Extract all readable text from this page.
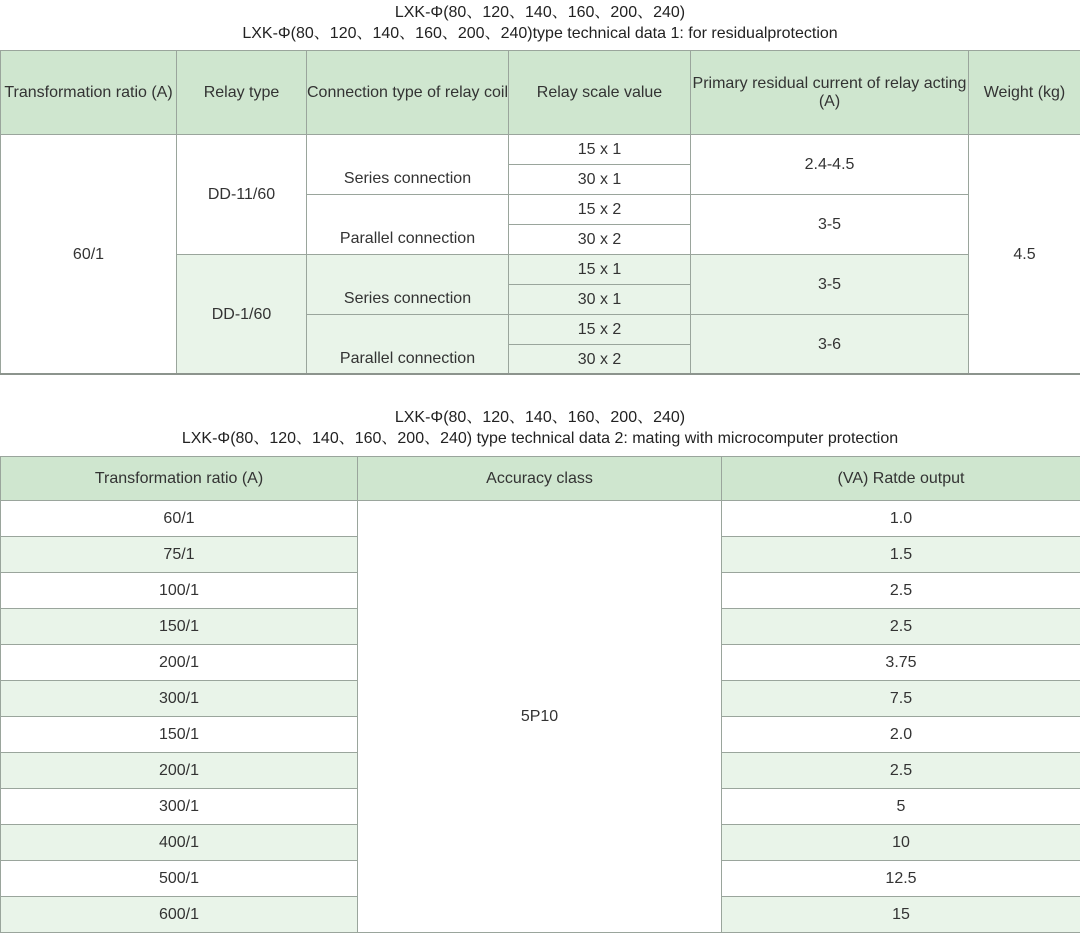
LXK-Φ(80、120、140、160、200、240)
LXK-Φ(80、120、140、160、200、240)type technical data 1: for residualprotection
Transformation ratio (A)	Relay type	Connection type of relay coil	Relay scale value	Primary residual current of relay acting (A)	Weight (kg)
60/1	DD-11/60	Series connection	15 x 1	2.4-4.5	4.5
			30 x 1		
		Parallel connection	15 x 2	3-5	
			30 x 2		
	DD-1/60	Series connection	15 x 1	3-5	
			30 x 1		
		Parallel connection	15 x 2	3-6	
			30 x 2		
LXK-Φ(80、120、140、160、200、240)
LXK-Φ(80、120、140、160、200、240) type technical data 2: mating with microcomputer protection
Transformation ratio (A)	Accuracy class	(VA) Ratde output
60/1	5P10	1.0
75/1		1.5
100/1		2.5
150/1		2.5
200/1		3.75
300/1		7.5
150/1		2.0
200/1		2.5
300/1		5
400/1		10
500/1		12.5
600/1		15
